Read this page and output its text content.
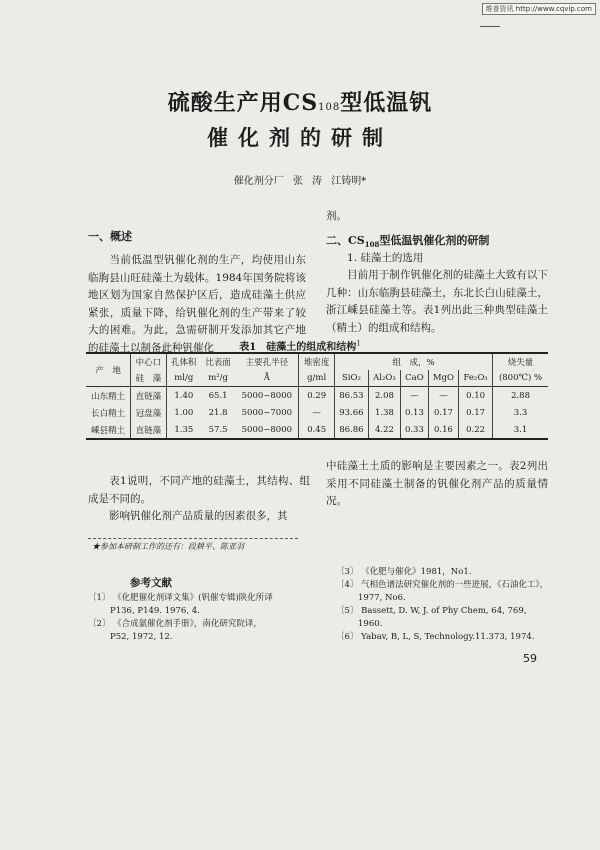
维普资讯 http://www.cqvip.com
硫酸生产用CS108型低温钒
催化剂的研制
催化剂分厂 张 涛 江铸明*
一、概述
当前低温型钒催化剂的生产，均使用山东临朐县山旺硅藻土为载体。1984年国务院将该地区划为国家自然保护区后，造成硅藻土供应紧张，质量下降，给钒催化剂的生产带来了较大的困难。为此，急需研制开发添加其它产地的硅藻土以制备此种钒催化
剂。
二、$CS_{108}$型低温钒催化剂的研制
1. 硅藻土的选用
目前用于制作钒催化剂的硅藻土大致有以下几种：山东临朐县硅藻土，东北长白山硅藻土，浙江嵊县硅藻土等。表1列出此三种典型硅藻土（精土）的组成和结构。
表1　硅藻土的组成和结构$^1$
产　地	中心口	孔体积	比表面	主要孔半径	堆密度	组　成，%					烧失量
	硅　藻	ml/g	m²/g	Å	g/ml	SiO₂	Al₂O₃	CaO	MgO	Fe₂O₃	(800℃) %
山东精土	直链藻	1.40	65.1	5000~8000	0.29	86.53	2.08	—	—	0.10	2.88
长白精土	冠盘藻	1.00	21.8	5000~7000	—	93.66	1.38	0.13	0.17	0.17	3.3
嵊县精土	直链藻	1.35	57.5	5000~8000	0.45	86.86	4.22	0.33	0.16	0.22	3.1
表1说明，不同产地的硅藻土，其结构、组成是不同的。
影响钒催化剂产品质量的因素很多，其
中硅藻土土质的影响是主要因素之一。表2列出采用不同硅藻土制备的钒催化剂产品的质量情况。
★参加本研制工作的还有：段耕平、陈亚羽
参考文献
〔1〕 《化肥催化剂译文集》(钒催专辑)陕化所译
P136, P149. 1976, 4.
〔2〕 《合成氨催化剂手册》，南化研究院译，
P52, 1972, 12.
〔3〕 《化肥与催化》1981，No1.
〔4〕 气相色谱法研究催化剂的一些进展，《石油化工》，
1977, No6.
〔5〕 Bassett, D. W, J. of Phy Chem, 64, 769,
1960.
〔6〕 Yabav, B, L, S, Technology.11.373, 1974.
59
